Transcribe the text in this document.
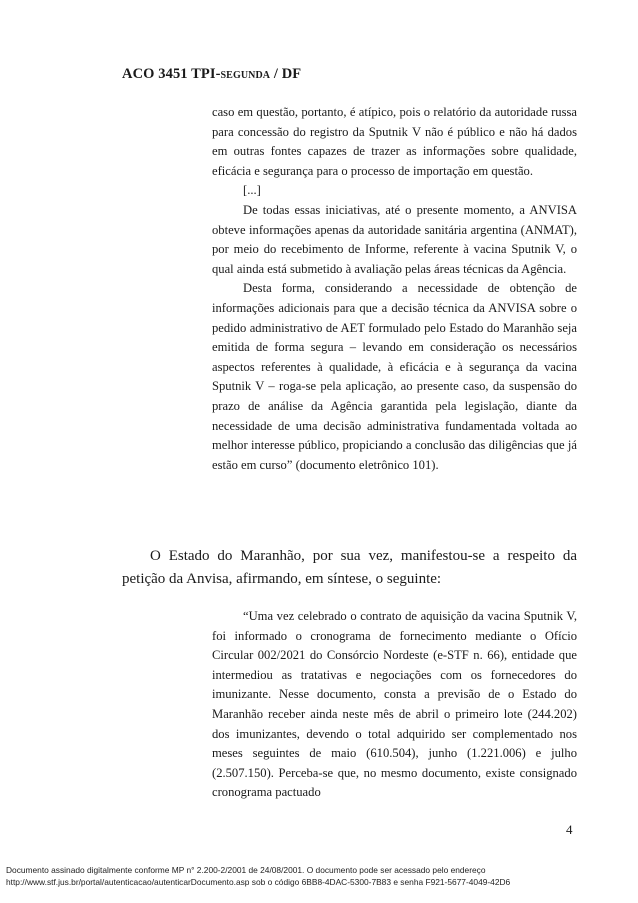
ACO 3451 TPI-segunda / DF

caso em questão, portanto, é atípico, pois o relatório da autoridade russa para concessão do registro da Sputnik V não é público e não há dados em outras fontes capazes de trazer as informações sobre qualidade, eficácia e segurança para o processo de importação em questão.

[...]

De todas essas iniciativas, até o presente momento, a ANVISA obteve informações apenas da autoridade sanitária argentina (ANMAT), por meio do recebimento de Informe, referente à vacina Sputnik V, o qual ainda está submetido à avaliação pelas áreas técnicas da Agência.

Desta forma, considerando a necessidade de obtenção de informações adicionais para que a decisão técnica da ANVISA sobre o pedido administrativo de AET formulado pelo Estado do Maranhão seja emitida de forma segura – levando em consideração os necessários aspectos referentes à qualidade, à eficácia e à segurança da vacina Sputnik V – roga-se pela aplicação, ao presente caso, da suspensão do prazo de análise da Agência garantida pela legislação, diante da necessidade de uma decisão administrativa fundamentada voltada ao melhor interesse público, propiciando a conclusão das diligências que já estão em curso” (documento eletrônico 101).

O Estado do Maranhão, por sua vez, manifestou-se a respeito da petição da Anvisa, afirmando, em síntese, o seguinte:

“Uma vez celebrado o contrato de aquisição da vacina Sputnik V, foi informado o cronograma de fornecimento mediante o Ofício Circular 002/2021 do Consórcio Nordeste (e-STF n. 66), entidade que intermediou as tratativas e negociações com os fornecedores do imunizante. Nesse documento, consta a previsão de o Estado do Maranhão receber ainda neste mês de abril o primeiro lote (244.202) dos imunizantes, devendo o total adquirido ser complementado nos meses seguintes de maio (610.504), junho (1.221.006) e julho (2.507.150). Perceba-se que, no mesmo documento, existe consignado cronograma pactuado

4
Documento assinado digitalmente conforme MP n° 2.200-2/2001 de 24/08/2001. O documento pode ser acessado pelo endereço
http://www.stf.jus.br/portal/autenticacao/autenticarDocumento.asp sob o código 6BB8-4DAC-5300-7B83 e senha F921-5677-4049-42D6
